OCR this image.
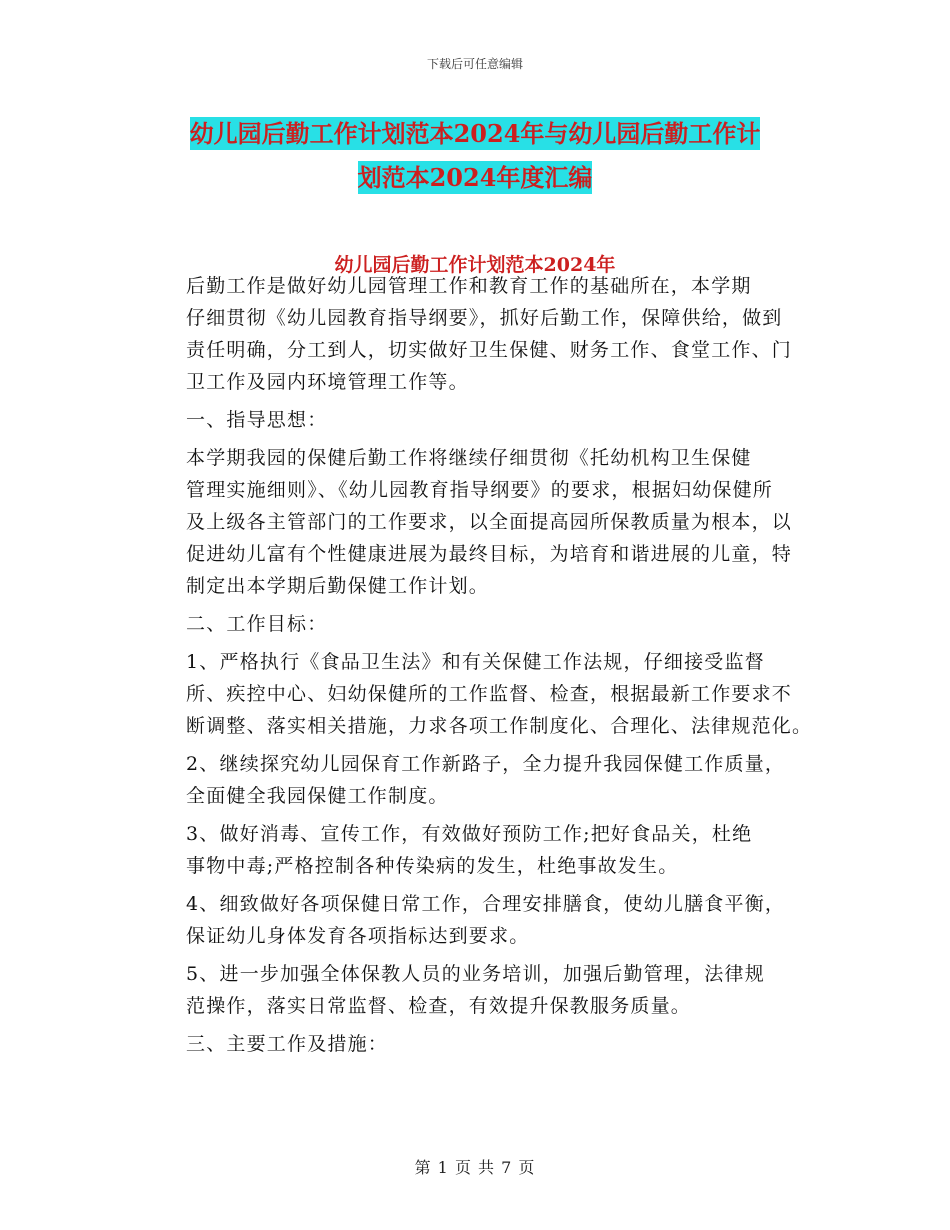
下载后可任意编辑
幼儿园后勤工作计划范本2024年与幼儿园后勤工作计
划范本2024年度汇编
幼儿园后勤工作计划范本2024年

后勤工作是做好幼儿园管理工作和教育工作的基础所在，本学期
仔细贯彻《幼儿园教育指导纲要》，抓好后勤工作，保障供给，做到
责任明确，分工到人，切实做好卫生保健、财务工作、食堂工作、门
卫工作及园内环境管理工作等。

一、指导思想：

本学期我园的保健后勤工作将继续仔细贯彻《托幼机构卫生保健
管理实施细则》、《幼儿园教育指导纲要》的要求，根据妇幼保健所
及上级各主管部门的工作要求，以全面提高园所保教质量为根本，以
促进幼儿富有个性健康进展为最终目标，为培育和谐进展的儿童，特
制定出本学期后勤保健工作计划。

二、工作目标：

1、严格执行《食品卫生法》和有关保健工作法规，仔细接受监督
所、疾控中心、妇幼保健所的工作监督、检查，根据最新工作要求不
断调整、落实相关措施，力求各项工作制度化、合理化、法律规范化。

2、继续探究幼儿园保育工作新路子，全力提升我园保健工作质量，
全面健全我园保健工作制度。

3、做好消毒、宣传工作，有效做好预防工作;把好食品关，杜绝
事物中毒;严格控制各种传染病的发生，杜绝事故发生。

4、细致做好各项保健日常工作，合理安排膳食，使幼儿膳食平衡，
保证幼儿身体发育各项指标达到要求。

5、进一步加强全体保教人员的业务培训，加强后勤管理，法律规
范操作，落实日常监督、检查，有效提升保教服务质量。

三、主要工作及措施：

第 1 页 共 7 页
